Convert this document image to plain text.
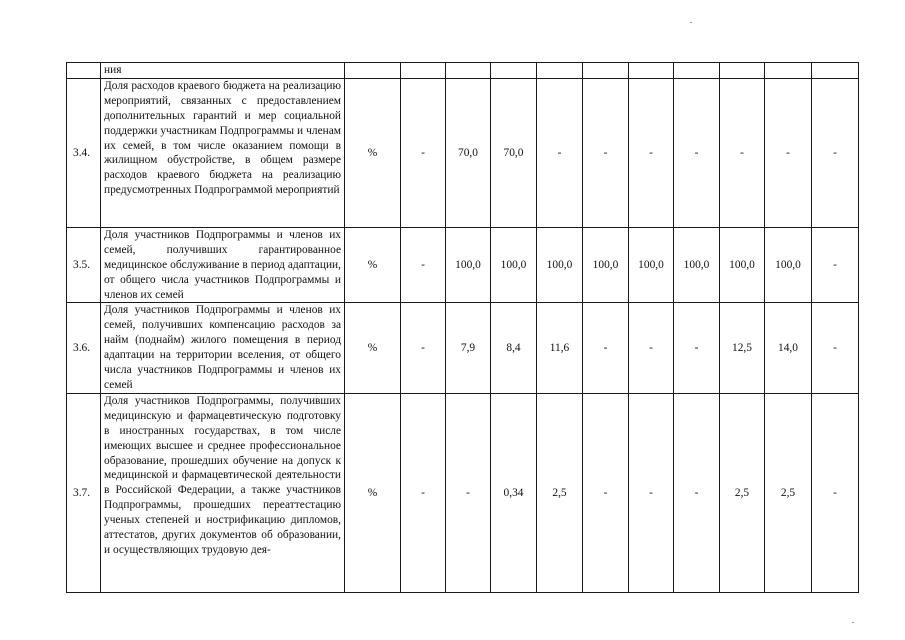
	ния											
3.4.	Доля расходов краевого бюджета на реализацию мероприятий, связанных с предоставлением дополнительных гарантий и мер социальной поддержки участникам Подпрограммы и членам их семей, в том числе оказанием помощи в жилищном обустройстве, в общем размере расходов краевого бюджета на реализацию предусмотренных Подпрограммой мероприятий	%	-	70,0	70,0	-	-	-	-	-	-	-
3.5.	Доля участников Подпрограммы и членов их семей, получивших гарантированное медицинское обслуживание в период адаптации, от общего числа участников Подпрограммы и членов их семей	%	-	100,0	100,0	100,0	100,0	100,0	100,0	100,0	100,0	-
3.6.	Доля участников Подпрограммы и членов их семей, получивших компенсацию расходов за найм (поднайм) жилого помещения в период адаптации на территории вселения, от общего числа участников Подпрограммы и членов их семей	%	-	7,9	8,4	11,6	-	-	-	12,5	14,0	-
3.7.	Доля участников Подпрограммы, получивших медицинскую и фармацевтическую подготовку в иностранных государствах, в том числе имеющих высшее и среднее профессиональное образование, прошедших обучение на допуск к медицинской и фармацевтической деятельности в Российской Федерации, а также участников Подпрограммы, прошедших переаттестацию ученых степеней и нострификацию дипломов, аттестатов, других документов об образовании, и осуществляющих трудовую дея-	%	-	-	0,34	2,5	-	-	-	2,5	2,5	-
